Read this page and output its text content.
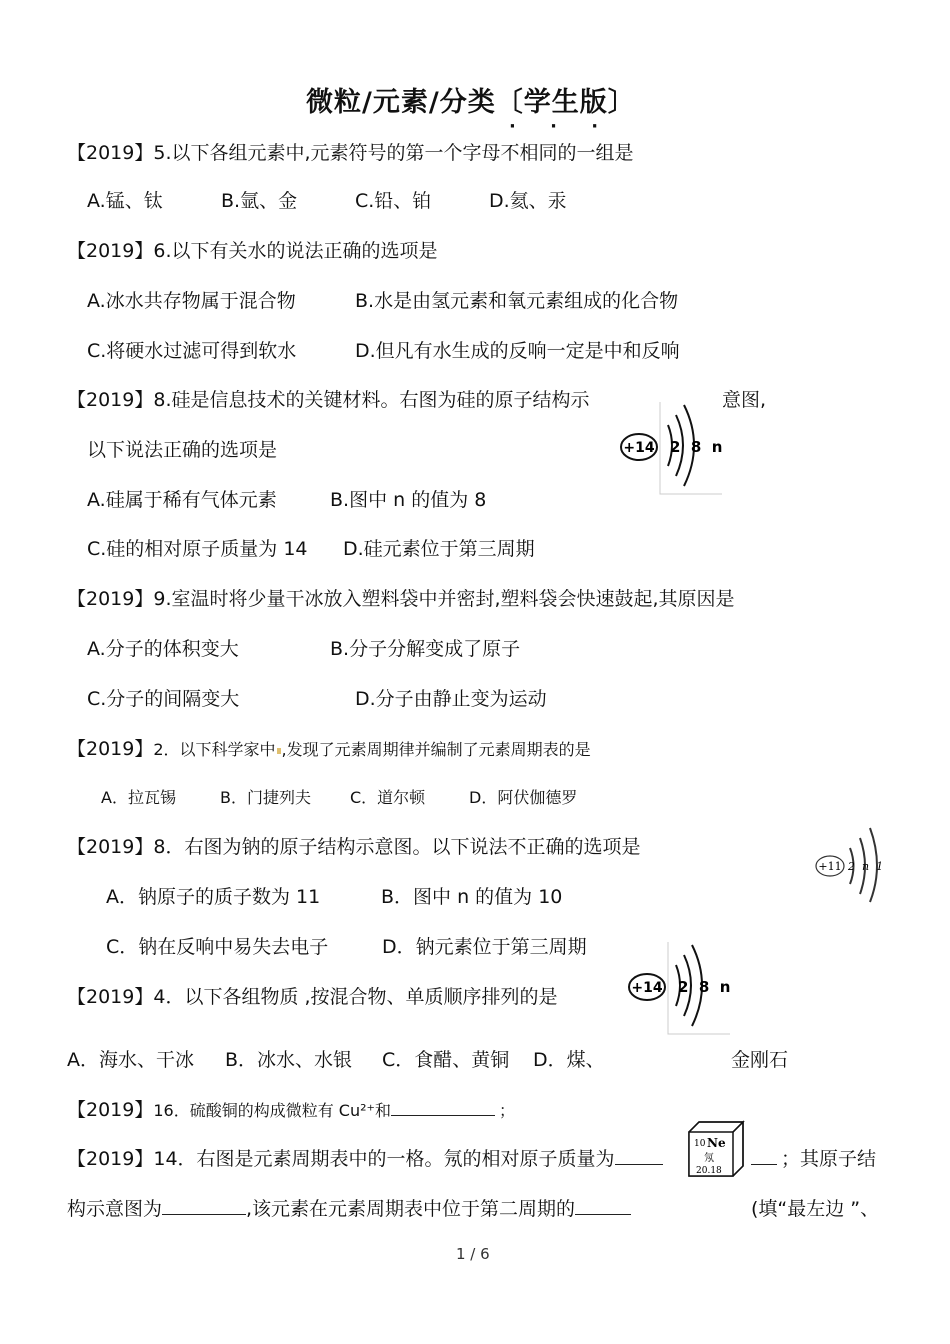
微粒/元素/分类〔学生版〕
· · ·
【2019】5.以下各组元素中,元素符号的第一个字母不相同的一组是
A.锰、钛	B.氩、金	C.铅、铂	D.氦、汞
【2019】6.以下有关水的说法正确的选项是
A.冰水共存物属于混合物	B.水是由氢元素和氧元素组成的化合物
C.将硬水过滤可得到软水	D.但凡有水生成的反响一定是中和反响
【2019】8.硅是信息技术的关键材料。右图为硅的原子结构示	意图,
以下说法正确的选项是
A.硅属于稀有气体元素	B.图中 n 的值为 8
C.硅的相对原子质量为 14 D.硅元素位于第三周期
+14 2  8  n
【2019】9.室温时将少量干冰放入塑料袋中并密封,塑料袋会快速鼓起,其原因是
A.分子的体积变大	B.分子分解变成了原子
C.分子的间隔变大	D.分子由静止变为运动
【2019】2．以下科学家中 ,发现了元素周期律并编制了元素周期表的是
A．拉瓦锡	B．门捷列夫 C．道尔顿	D．阿伏伽德罗
【2019】8．右图为钠的原子结构示意图。以下说法不正确的选项是
A．钠原子的质子数为 11	B．图中 n 的值为 10
C．钠在反响中易失去电子	D．钠元素位于第三周期
+11 2  n  1
【2019】4．以下各组物质 ,按混合物、单质顺序排列的是	+14 2  8  n
A．海水、干冰 B．冰水、水银 C．食醋、黄铜 D．煤、	金刚石
【2019】16．硫酸铜的构成微粒有 Cu²⁺和	；
【2019】14．右图是元素周期表中的一格。氖的相对原子质量为
10 Ne
氖
20.18
；其原子结
构示意图为	,该元素在元素周期表中位于第二周期的	(填“最左边 ”、
1 / 6
